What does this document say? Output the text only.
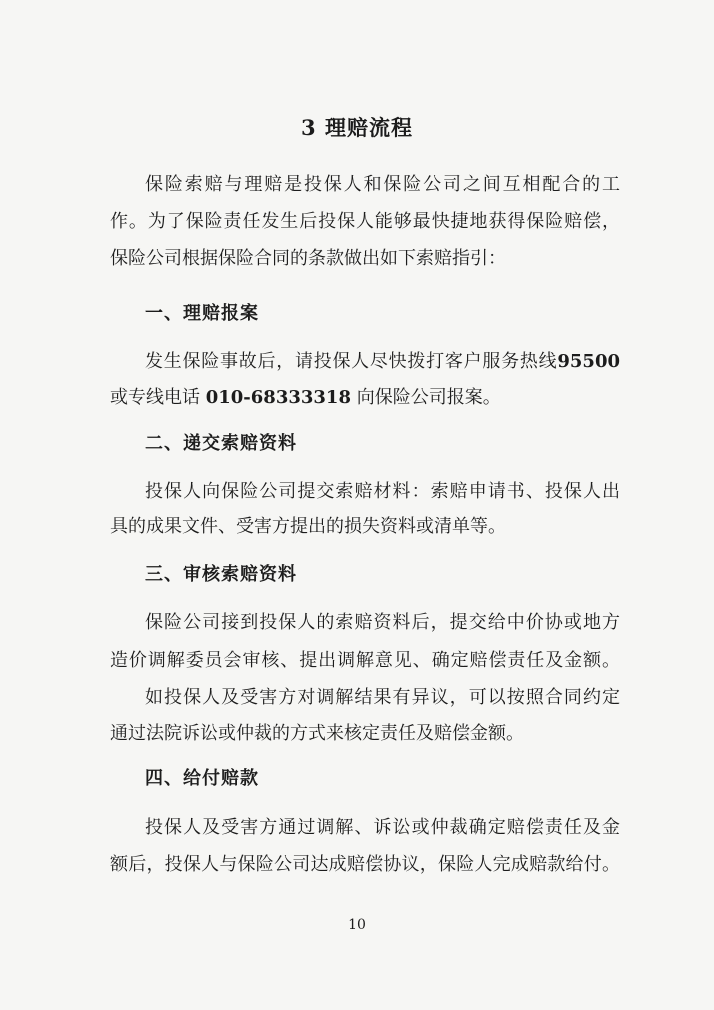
3 理赔流程
保险索赔与理赔是投保人和保险公司之间互相配合的工
作。为了保险责任发生后投保人能够最快捷地获得保险赔偿，
保险公司根据保险合同的条款做出如下索赔指引：
一、理赔报案
发生保险事故后，请投保人尽快拨打客户服务热线95500
或专线电话 010-68333318 向保险公司报案。
二、递交索赔资料
投保人向保险公司提交索赔材料：索赔申请书、投保人出
具的成果文件、受害方提出的损失资料或清单等。
三、审核索赔资料
保险公司接到投保人的索赔资料后，提交给中价协或地方
造价调解委员会审核、提出调解意见、确定赔偿责任及金额。
如投保人及受害方对调解结果有异议，可以按照合同约定
通过法院诉讼或仲裁的方式来核定责任及赔偿金额。
四、给付赔款
投保人及受害方通过调解、诉讼或仲裁确定赔偿责任及金
额后，投保人与保险公司达成赔偿协议，保险人完成赔款给付。
10
